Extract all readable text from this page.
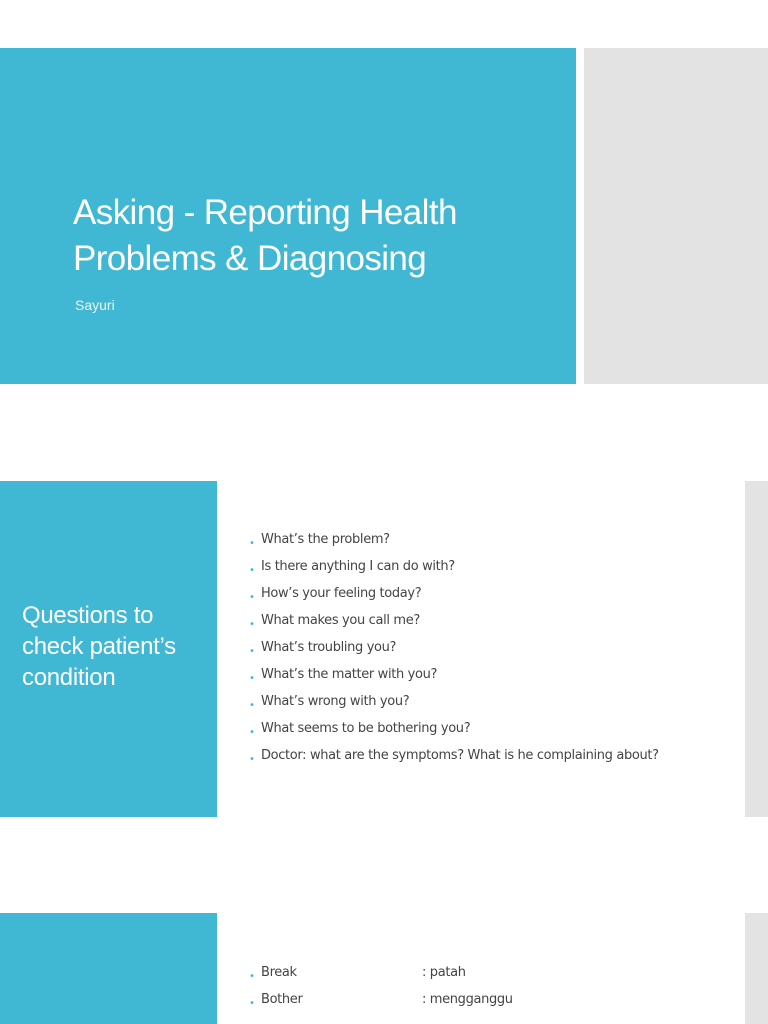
Asking - Reporting Health
Problems & Diagnosing
Sayuri
Questions to
check patient’s
condition
• What’s the problem?
• Is there anything I can do with?
• How’s your feeling today?
• What makes you call me?
• What’s troubling you?
• What’s the matter with you?
• What’s wrong with you?
• What seems to be bothering you?
• Doctor: what are the symptoms? What is he complaining about?
• Break	: patah
• Bother	: mengganggu
